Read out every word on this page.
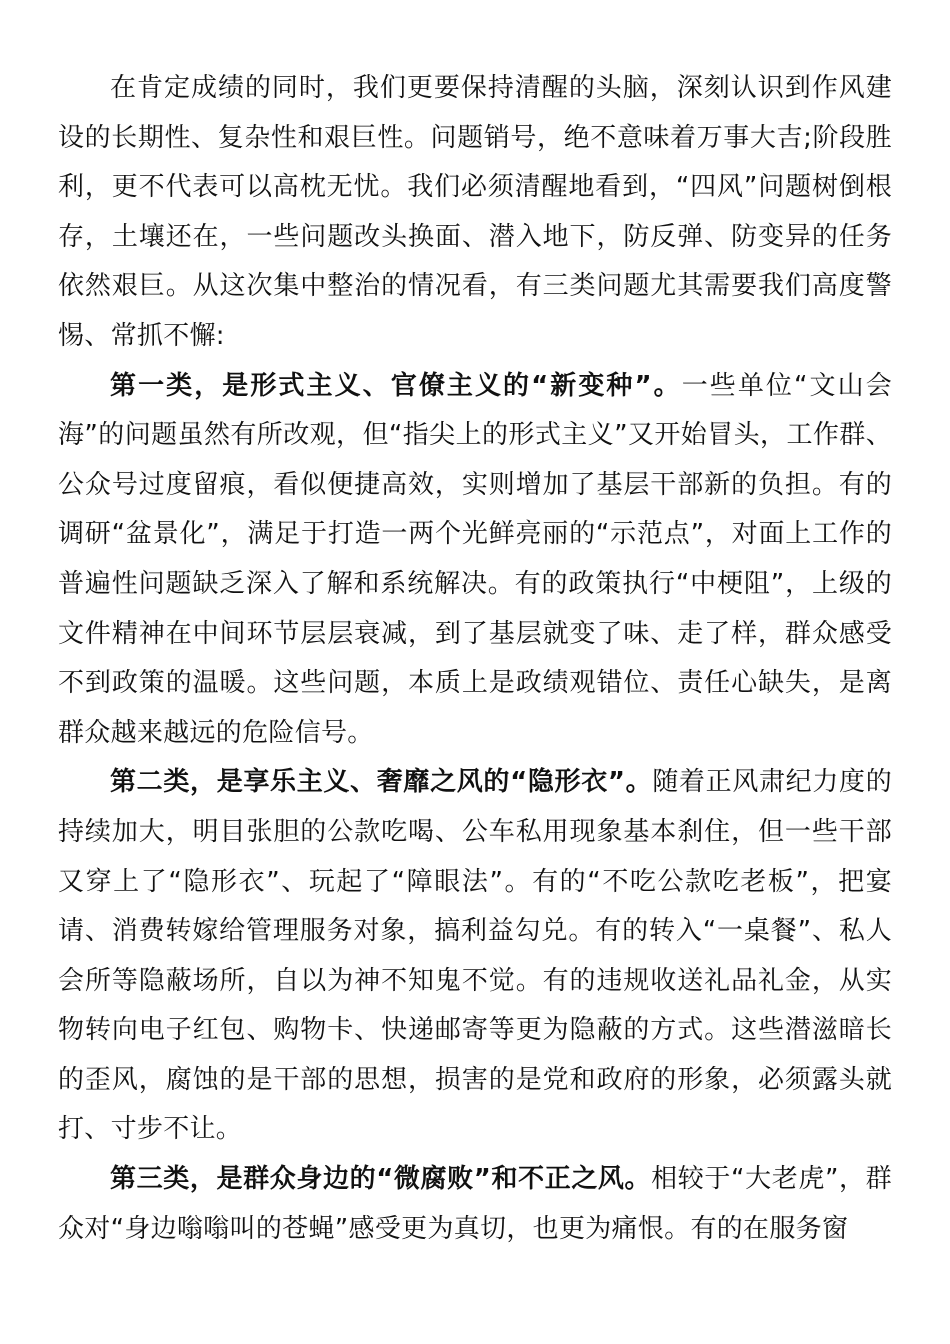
在肯定成绩的同时，我们更要保持清醒的头脑，深刻认识到作风建设的长期性、复杂性和艰巨性。问题销号，绝不意味着万事大吉;阶段胜利，更不代表可以高枕无忧。我们必须清醒地看到，“四风”问题树倒根存，土壤还在，一些问题改头换面、潜入地下，防反弹、防变异的任务依然艰巨。从这次集中整治的情况看，有三类问题尤其需要我们高度警惕、常抓不懈:

第一类，是形式主义、官僚主义的“新变种”。一些单位“文山会海”的问题虽然有所改观，但“指尖上的形式主义”又开始冒头，工作群、公众号过度留痕，看似便捷高效，实则增加了基层干部新的负担。有的调研“盆景化”，满足于打造一两个光鲜亮丽的“示范点”，对面上工作的普遍性问题缺乏深入了解和系统解决。有的政策执行“中梗阻”，上级的文件精神在中间环节层层衰减，到了基层就变了味、走了样，群众感受不到政策的温暖。这些问题，本质上是政绩观错位、责任心缺失，是离群众越来越远的危险信号。

第二类，是享乐主义、奢靡之风的“隐形衣”。随着正风肃纪力度的持续加大，明目张胆的公款吃喝、公车私用现象基本刹住，但一些干部又穿上了“隐形衣”、玩起了“障眼法”。有的“不吃公款吃老板”，把宴请、消费转嫁给管理服务对象，搞利益勾兑。有的转入“一桌餐”、私人会所等隐蔽场所，自以为神不知鬼不觉。有的违规收送礼品礼金，从实物转向电子红包、购物卡、快递邮寄等更为隐蔽的方式。这些潜滋暗长的歪风，腐蚀的是干部的思想，损害的是党和政府的形象，必须露头就打、寸步不让。

第三类，是群众身边的“微腐败”和不正之风。相较于“大老虎”，群众对“身边嗡嗡叫的苍蝇”感受更为真切，也更为痛恨。有的在服务窗
